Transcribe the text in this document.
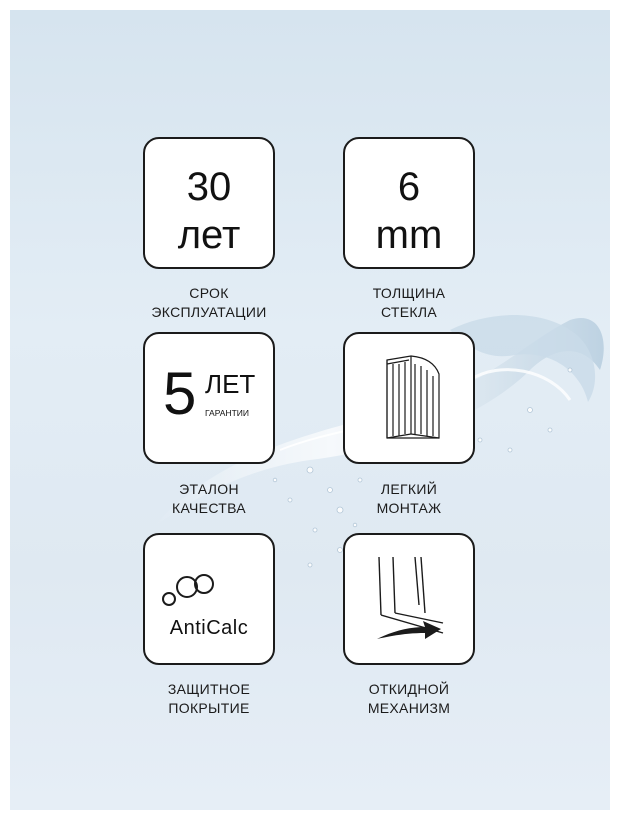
30
лет
СРОК
ЭКСПЛУАТАЦИИ
6
mm
ТОЛЩИНА
СТЕКЛА
5 ЛЕТ
ГАРАНТИИ
ЭТАЛОН
КАЧЕСТВА
ЛЕГКИЙ
МОНТАЖ
AntiCalc
ЗАЩИТНОЕ
ПОКРЫТИЕ
ОТКИДНОЙ
МЕХАНИЗМ
